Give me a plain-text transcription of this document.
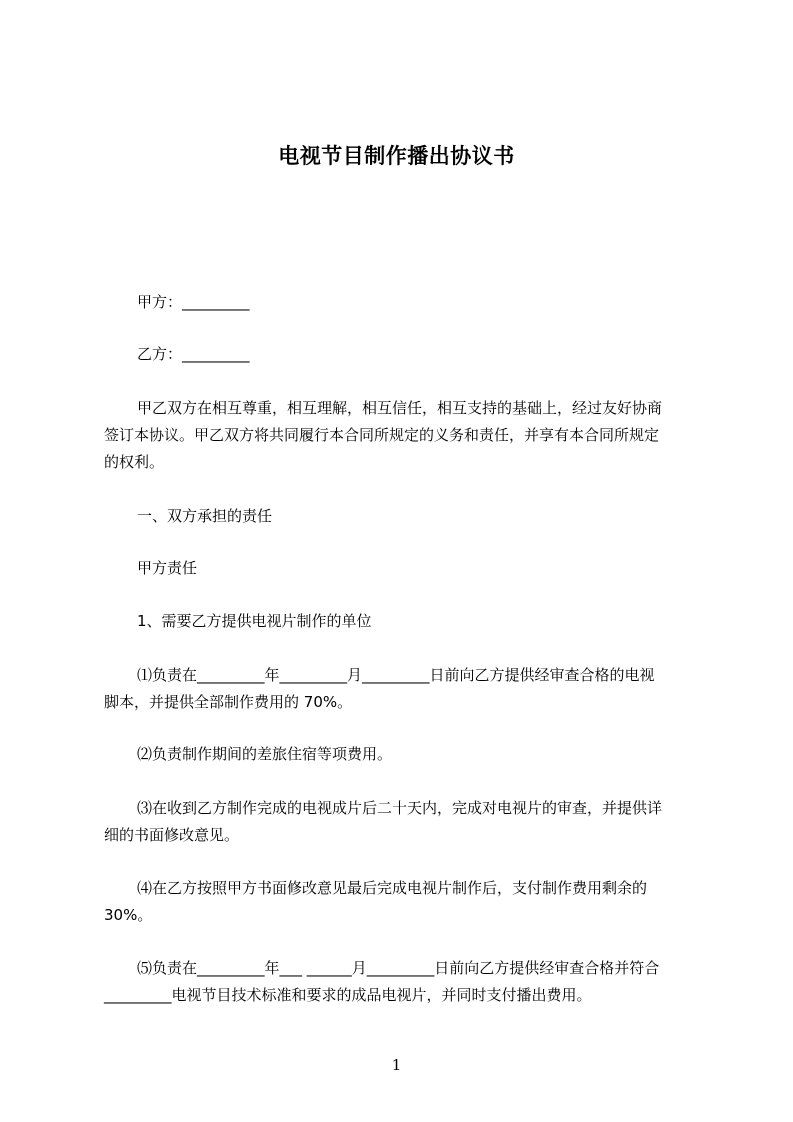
电视节目制作播出协议书
甲方：_________
乙方：_________
甲乙双方在相互尊重，相互理解，相互信任，相互支持的基础上，经过友好协商
签订本协议。甲乙双方将共同履行本合同所规定的义务和责任，并享有本合同所规定
的权利。
一、双方承担的责任
甲方责任
1、需要乙方提供电视片制作的单位
⑴负责在_________年_________月_________日前向乙方提供经审查合格的电视
脚本，并提供全部制作费用的 70%。
⑵负责制作期间的差旅住宿等项费用。
⑶在收到乙方制作完成的电视成片后二十天内，完成对电视片的审查，并提供详
细的书面修改意见。
⑷在乙方按照甲方书面修改意见最后完成电视片制作后，支付制作费用剩余的
30%。
⑸负责在_________年___ ______月_________日前向乙方提供经审查合格并符合
_________电视节目技术标准和要求的成品电视片，并同时支付播出费用。
1
